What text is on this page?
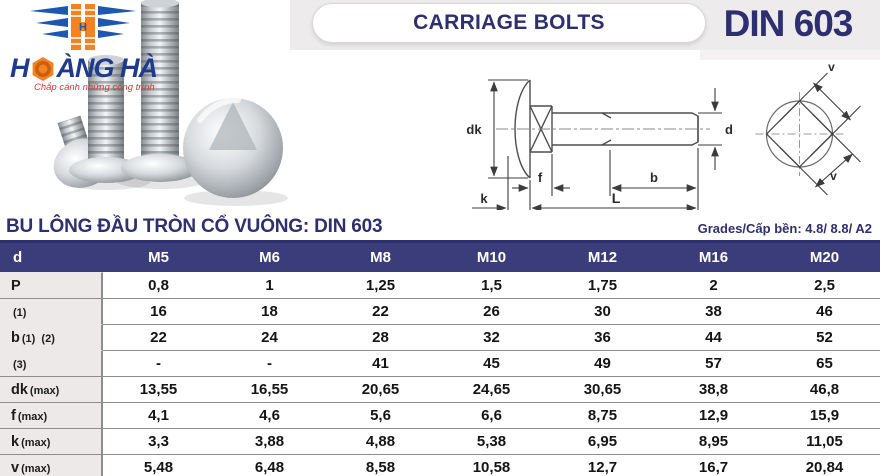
H
H ÀNG HÀ
Chắp cánh những công trình
CARRIAGE BOLTS	DIN 603
dk	d
f	b
k	L
v
v
BU LÔNG ĐẦU TRÒN CỔ VUÔNG: DIN 603	Grades/Cấp bền: 4.8/ 8.8/ A2
d	M5	M6	M8	M10	M12	M16	M20
P	0,8	1	1,25	1,5	1,75	2	2,5
(1)	16	18	22	26	30	38	46
b (1)  (2)	22	24	28	32	36	44	52
(3)	-	-	41	45	49	57	65
dk (max)	13,55	16,55	20,65	24,65	30,65	38,8	46,8
f (max)	4,1	4,6	5,6	6,6	8,75	12,9	15,9
k (max)	3,3	3,88	4,88	5,38	6,95	8,95	11,05
v (max)	5,48	6,48	8,58	10,58	12,7	16,7	20,84
